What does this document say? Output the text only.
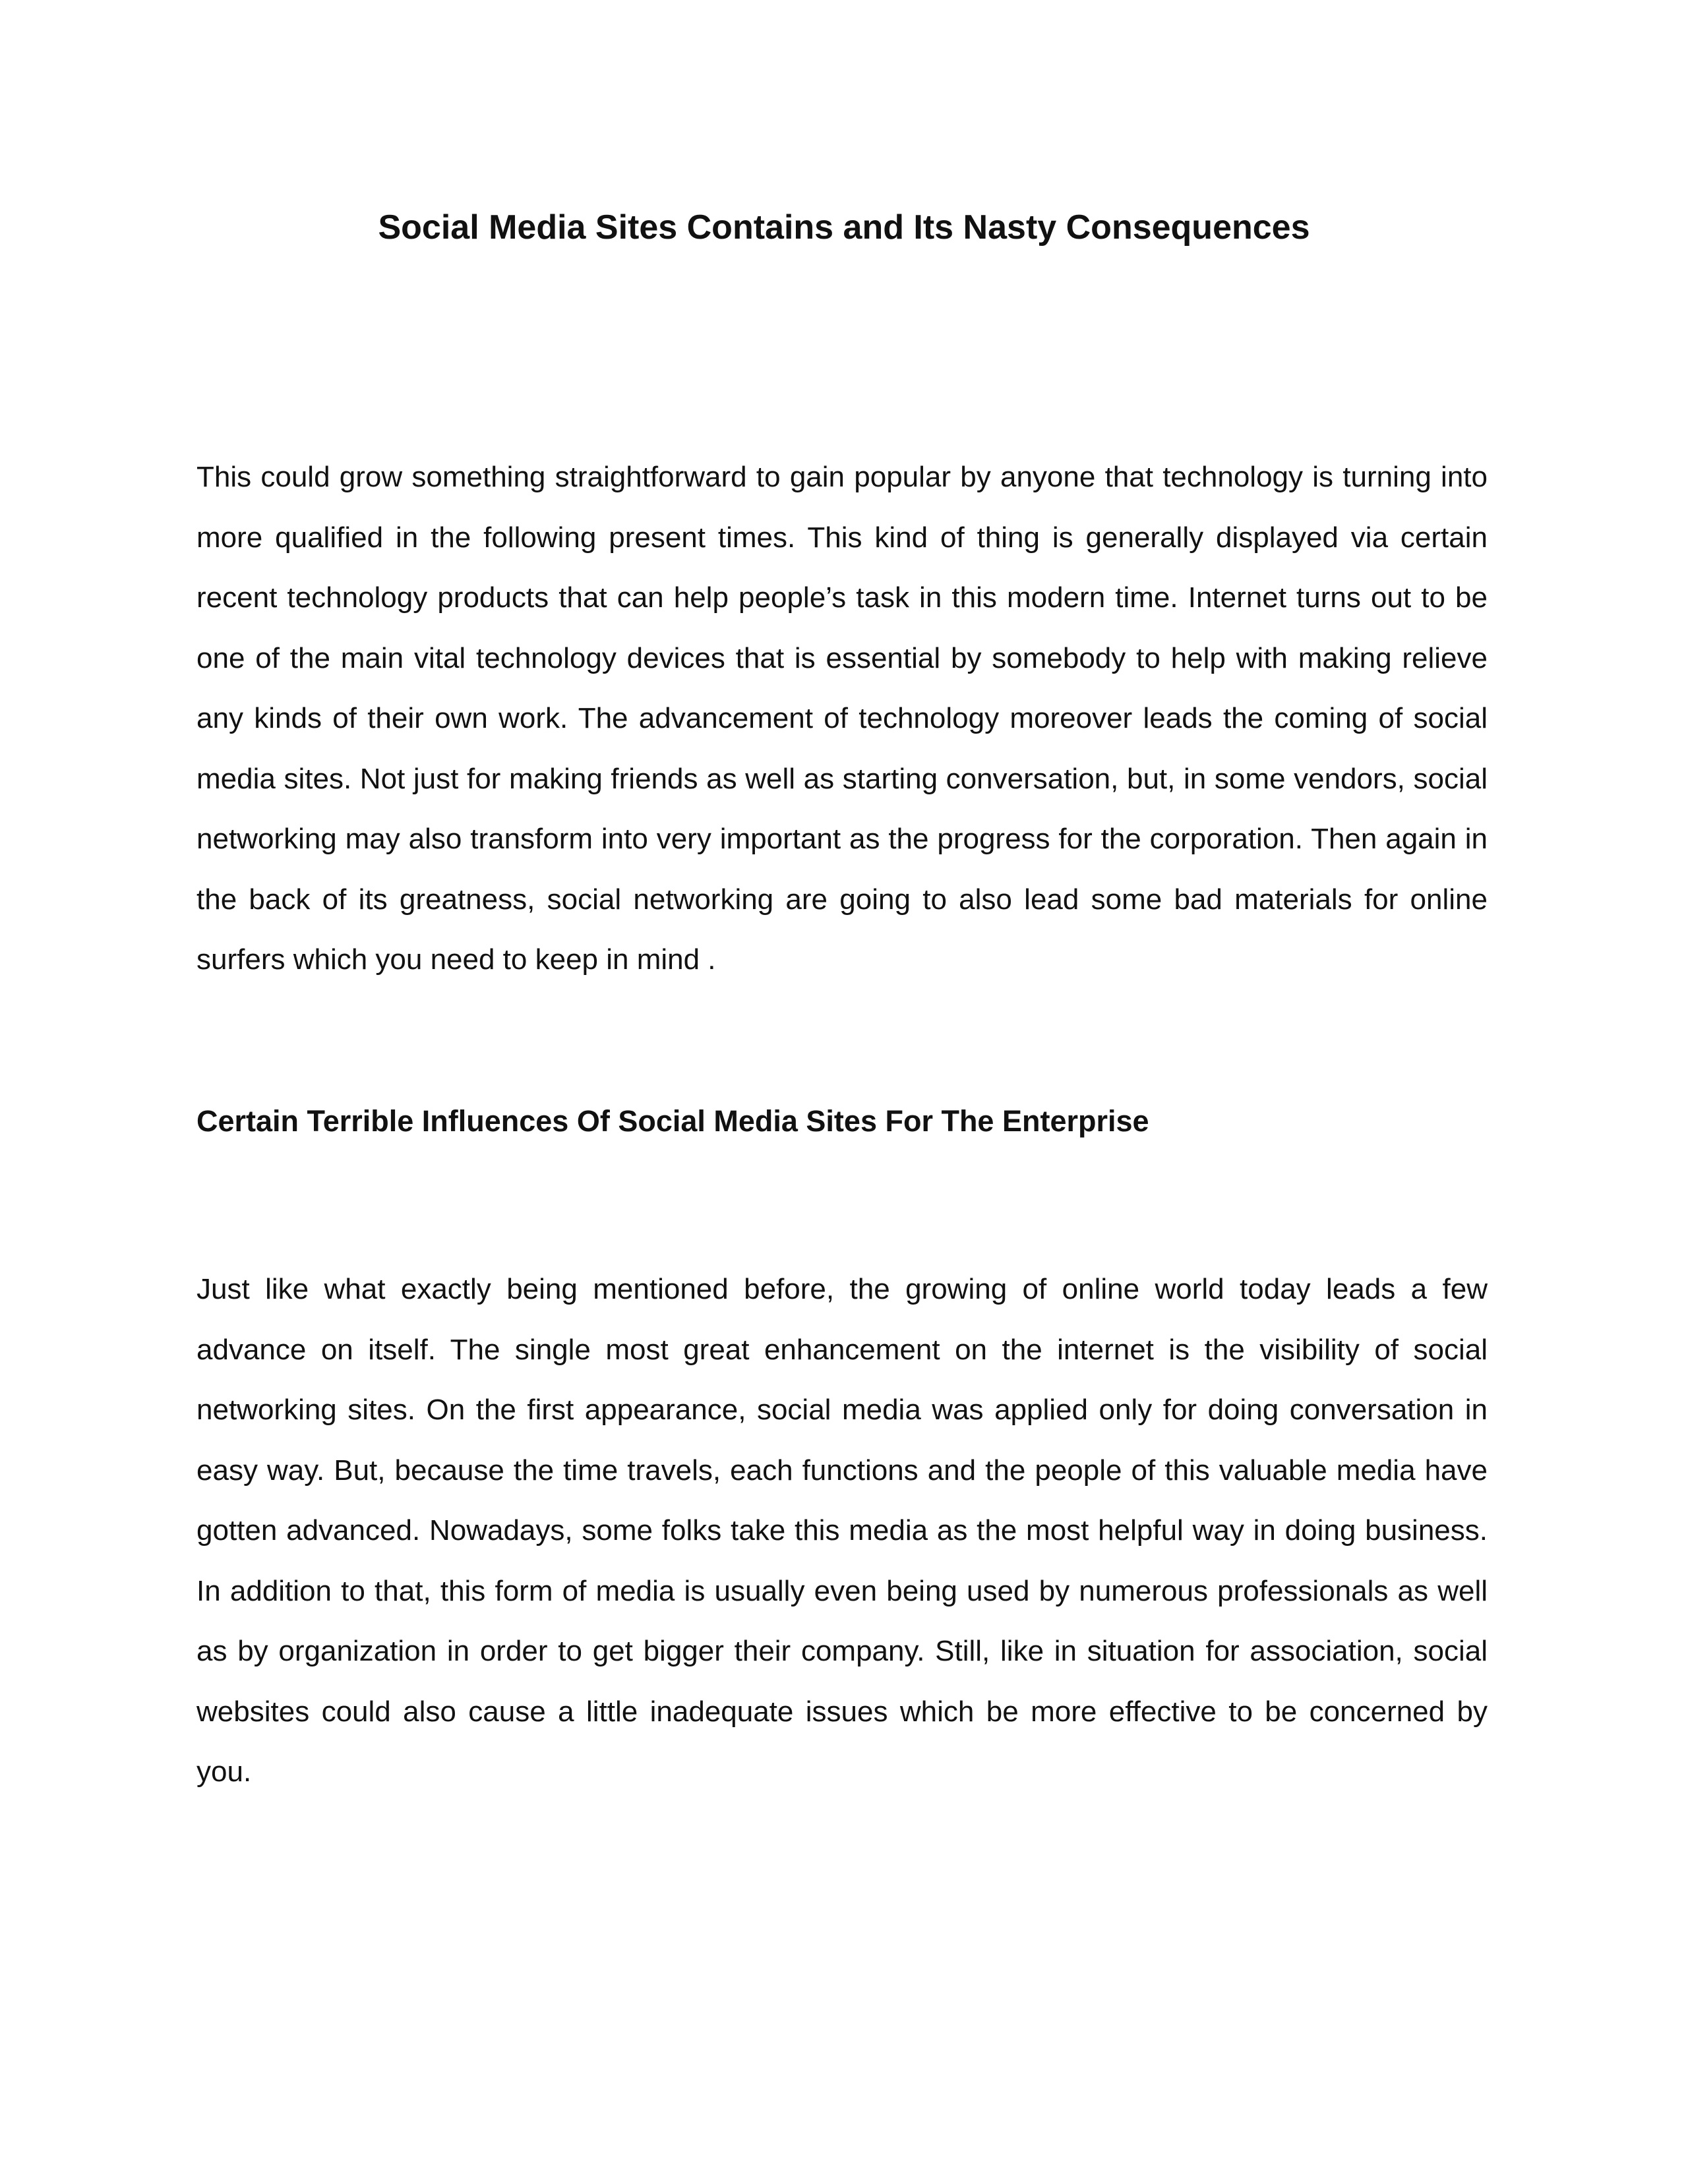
Social Media Sites Contains and Its Nasty Consequences

This could grow something straightforward to gain popular by anyone that technology is turning into more qualified in the following present times. This kind of thing is generally displayed via certain recent technology products that can help people’s task in this modern time. Internet turns out to be one of the main vital technology devices that is essential by somebody to help with making relieve any kinds of their own work. The advancement of technology moreover leads the coming of social media sites. Not just for making friends as well as starting conversation, but, in some vendors, social networking may also transform into very important as the progress for the corporation. Then again in the back of its greatness, social networking are going to also lead some bad materials for online surfers which you need to keep in mind .

Certain Terrible Influences Of Social Media Sites For The Enterprise

Just like what exactly being mentioned before, the growing of online world today leads a few advance on itself. The single most great enhancement on the internet is the visibility of social networking sites. On the first appearance, social media was applied only for doing conversation in easy way. But, because the time travels, each functions and the people of this valuable media have gotten advanced. Nowadays, some folks take this media as the most helpful way in doing business. In addition to that, this form of media is usually even being used by numerous professionals as well as by organization in order to get bigger their company. Still, like in situation for association, social websites could also cause a little inadequate issues which be more effective to be concerned by you.
